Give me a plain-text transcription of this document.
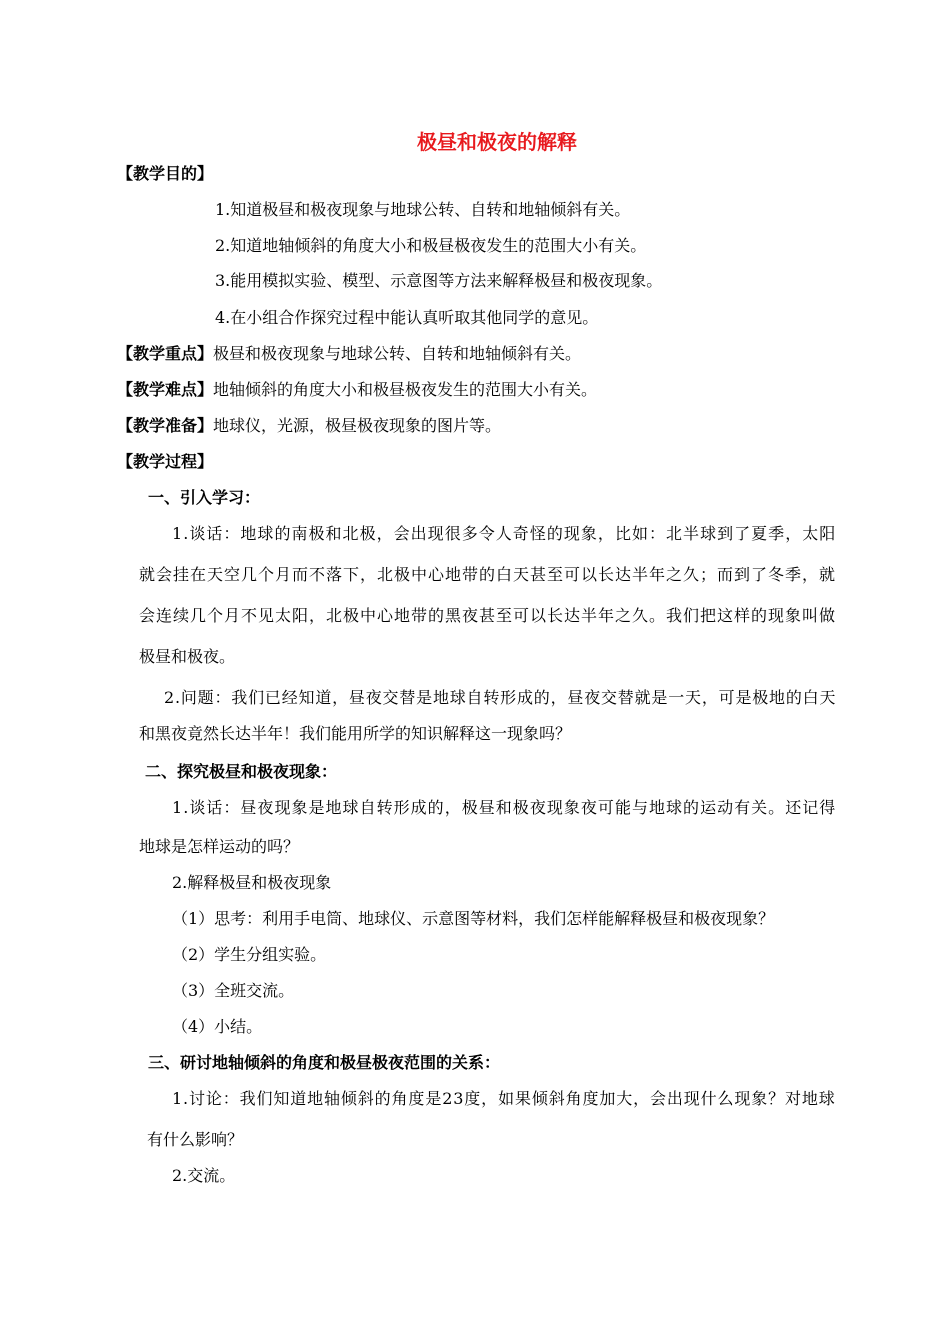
极昼和极夜的解释
【教学目的】
1.知道极昼和极夜现象与地球公转、自转和地轴倾斜有关。
2.知道地轴倾斜的角度大小和极昼极夜发生的范围大小有关。
3.能用模拟实验、模型、示意图等方法来解释极昼和极夜现象。
4.在小组合作探究过程中能认真听取其他同学的意见。
【教学重点】极昼和极夜现象与地球公转、自转和地轴倾斜有关。
【教学难点】地轴倾斜的角度大小和极昼极夜发生的范围大小有关。
【教学准备】地球仪，光源，极昼极夜现象的图片等。
【教学过程】
一、引入学习：
1.谈话：地球的南极和北极，会出现很多令人奇怪的现象，比如：北半球到了夏季，太阳
就会挂在天空几个月而不落下，北极中心地带的白天甚至可以长达半年之久；而到了冬季，就
会连续几个月不见太阳，北极中心地带的黑夜甚至可以长达半年之久。我们把这样的现象叫做
极昼和极夜。
2.问题：我们已经知道，昼夜交替是地球自转形成的，昼夜交替就是一天，可是极地的白天
和黑夜竟然长达半年！我们能用所学的知识解释这一现象吗？
二、探究极昼和极夜现象：
1.谈话：昼夜现象是地球自转形成的，极昼和极夜现象夜可能与地球的运动有关。还记得
地球是怎样运动的吗？
2.解释极昼和极夜现象
（1）思考：利用手电筒、地球仪、示意图等材料，我们怎样能解释极昼和极夜现象？
（2）学生分组实验。
（3）全班交流。
（4）小结。
三、研讨地轴倾斜的角度和极昼极夜范围的关系：
1.讨论：我们知道地轴倾斜的角度是23度，如果倾斜角度加大，会出现什么现象？对地球
有什么影响？
2.交流。
